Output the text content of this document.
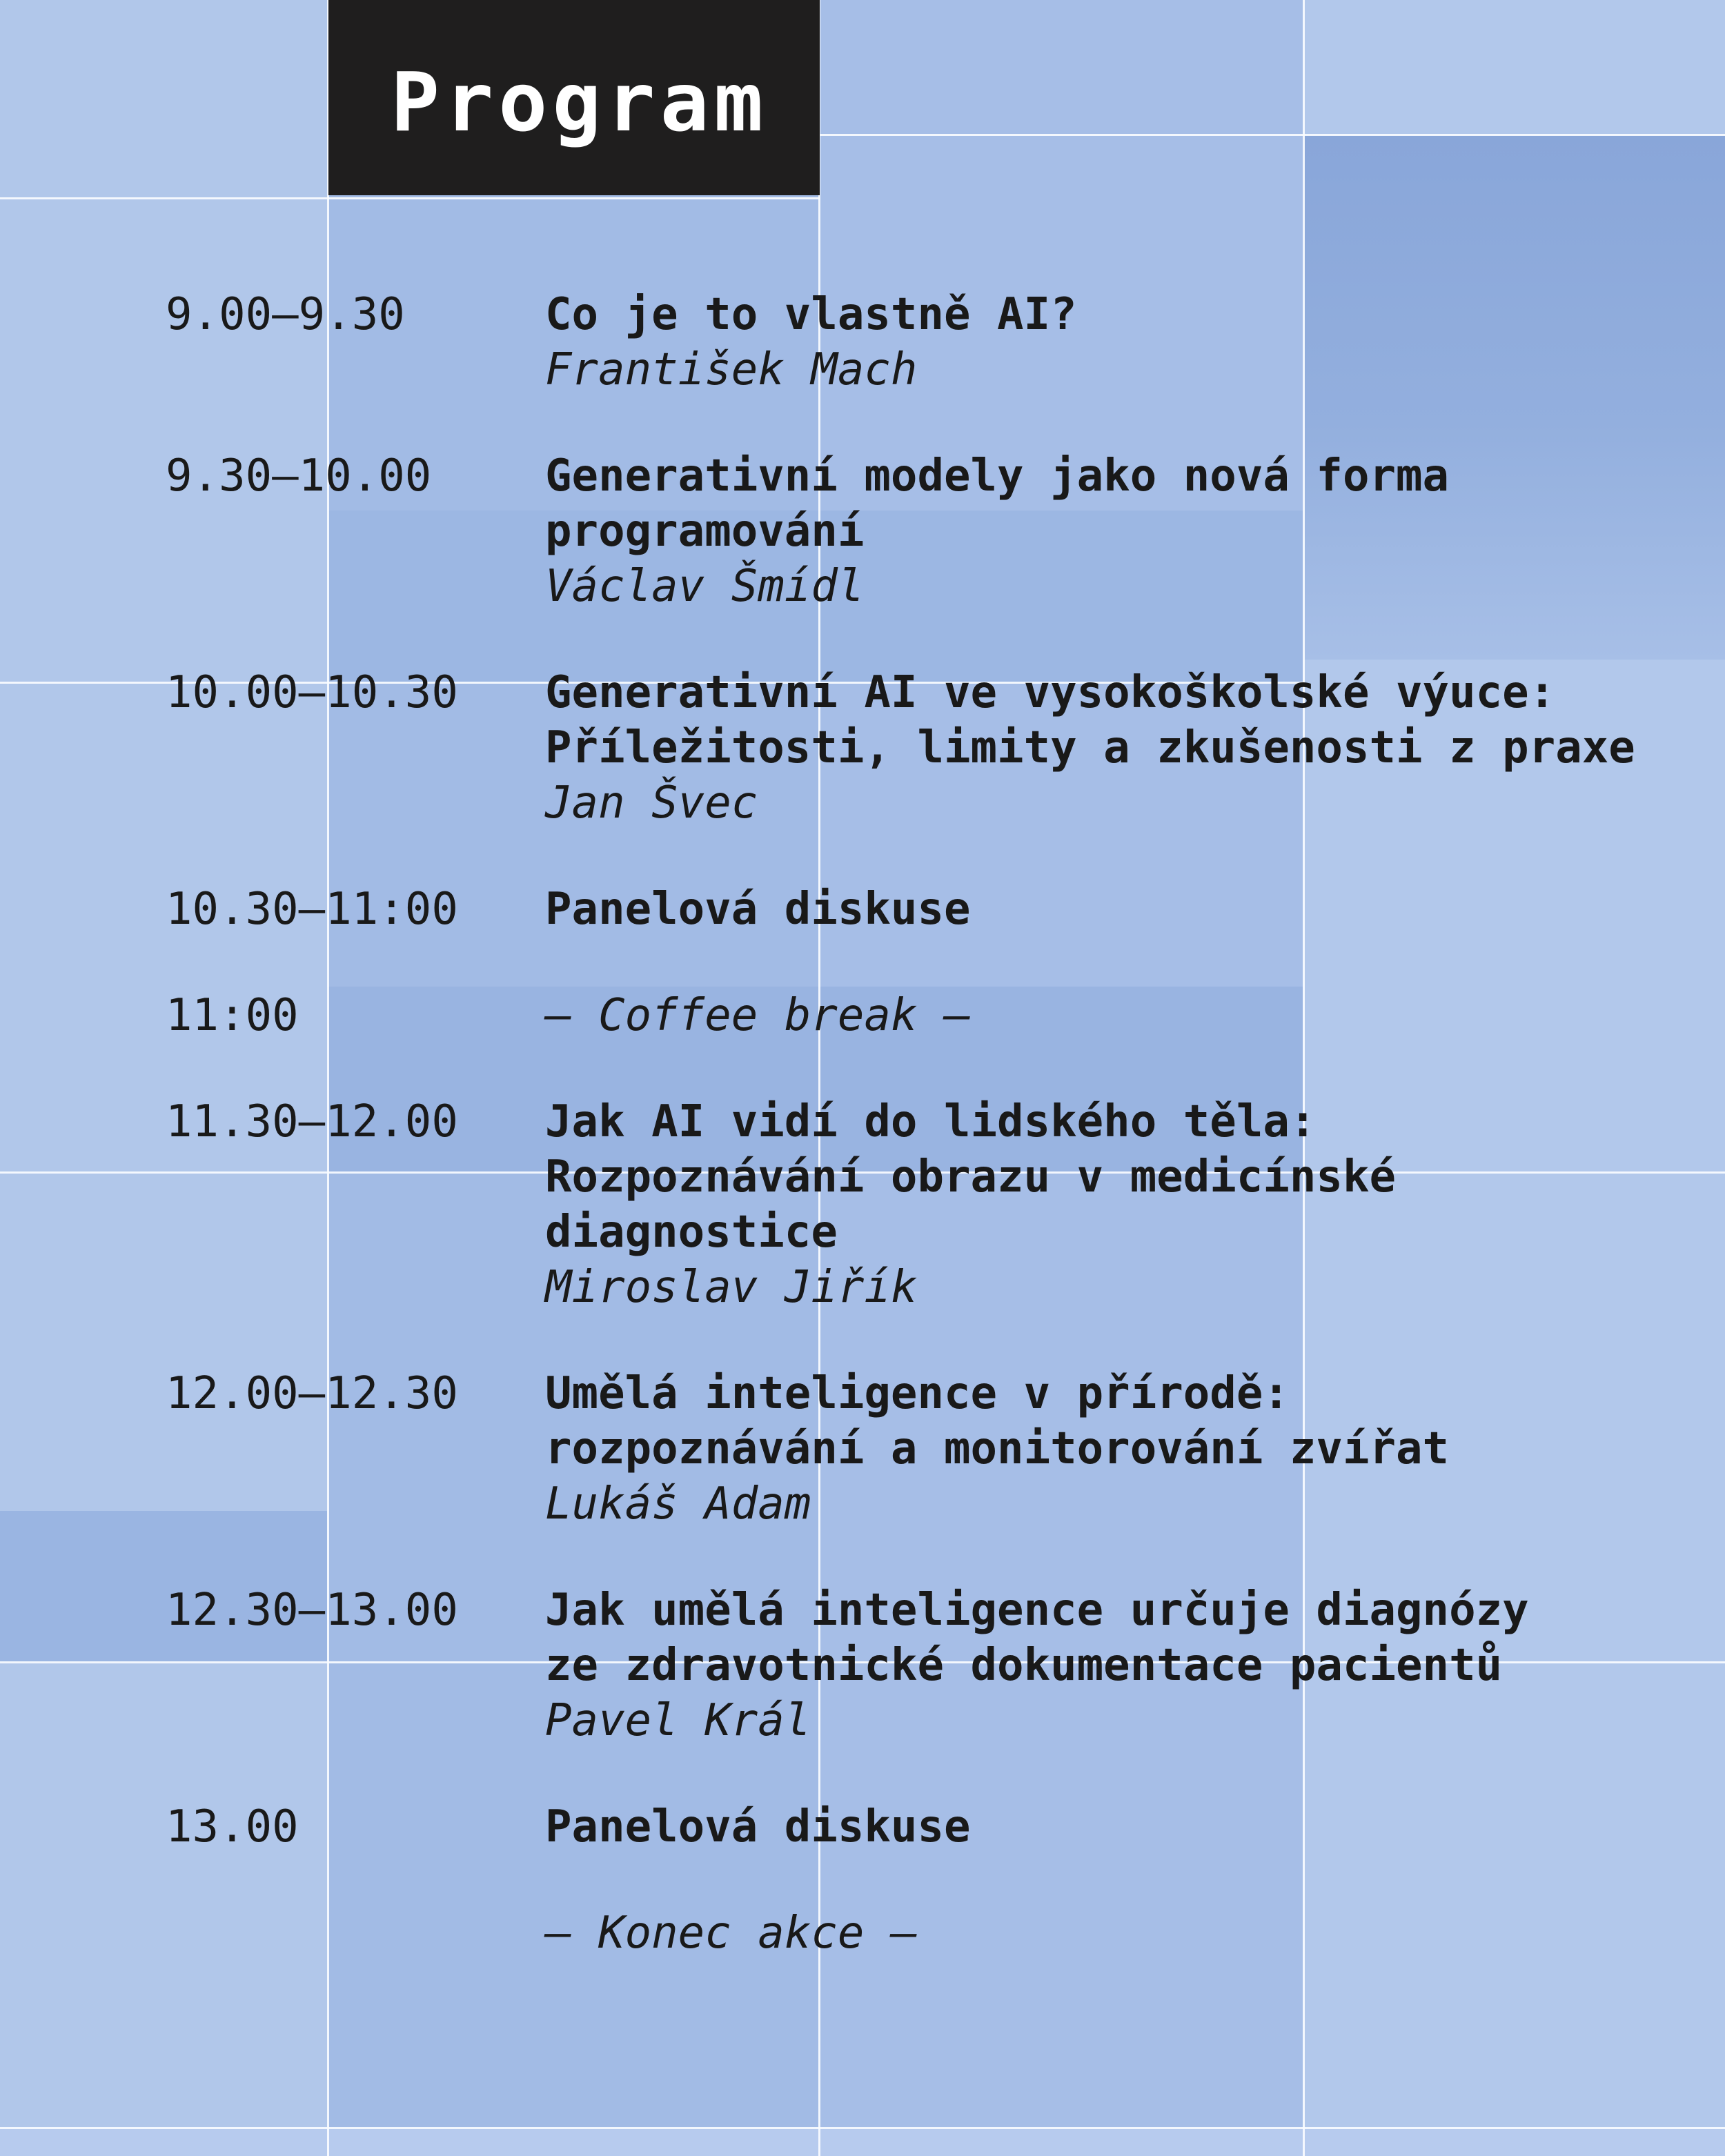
Program
9.00–9.30	Co je to vlastně AI?
František Mach
9.30–10.00	Generativní modely jako nová forma
programování
Václav Šmídl
10.00–10.30	Generativní AI ve vysokoškolské výuce:
Příležitosti, limity a zkušenosti z praxe
Jan Švec
10.30–11:00	Panelová diskuse
11:00	– Coffee break –
11.30–12.00	Jak AI vidí do lidského těla:
Rozpoznávání obrazu v medicínské
diagnostice
Miroslav Jiřík
12.00–12.30	Umělá inteligence v přírodě:
rozpoznávání a monitorování zvířat
Lukáš Adam
12.30–13.00	Jak umělá inteligence určuje diagnózy
ze zdravotnické dokumentace pacientů
Pavel Král
13.00	Panelová diskuse
– Konec akce –
